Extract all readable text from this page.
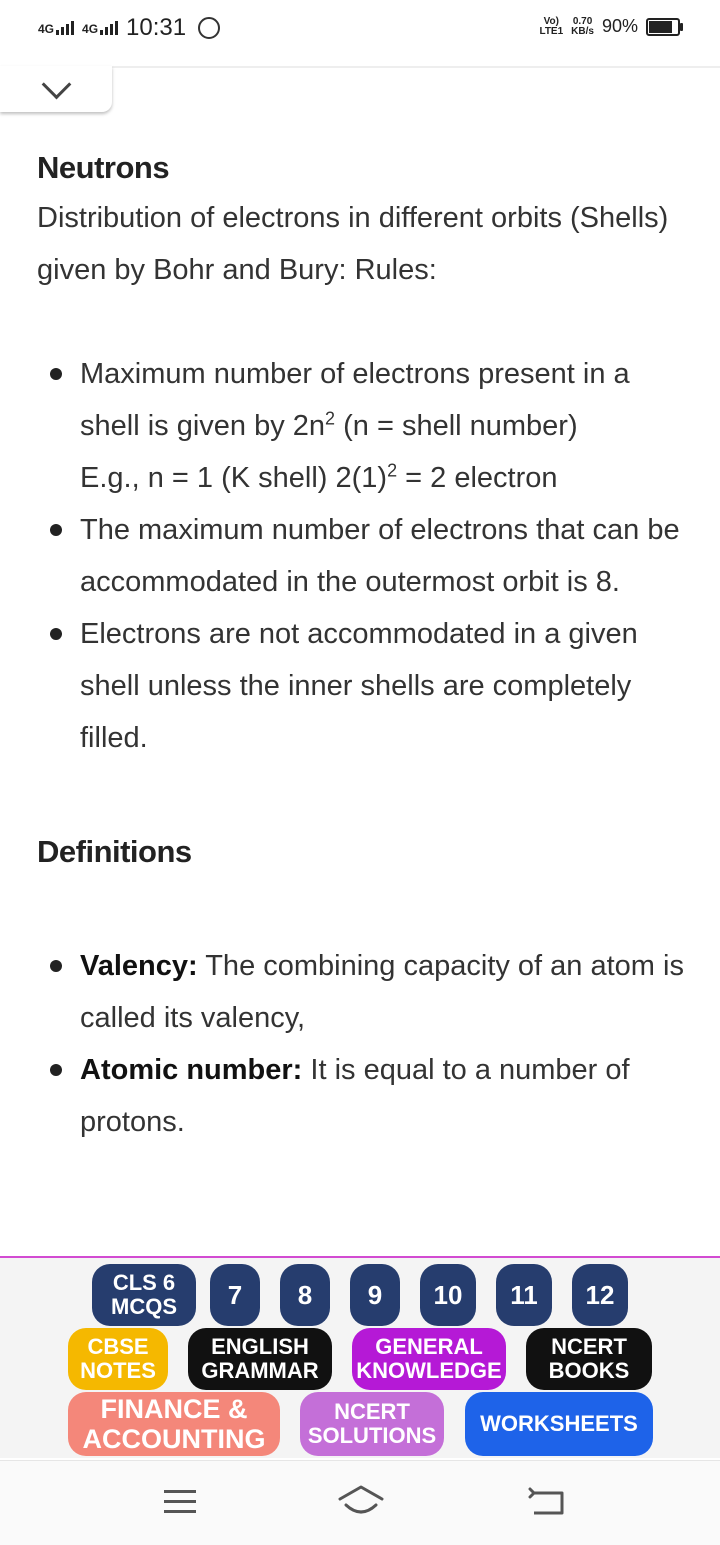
4G 4G 10:31	Vo)
LTE1
0.70
KB/s 90%
Neutrons

Distribution of electrons in different orbits (Shells) given by Bohr and Bury: Rules:

Maximum number of electrons present in a shell is given by $2n^2$ (n = shell number)
E.g., n = 1 (K shell) $2(1)^2 = 2$ electron
The maximum number of electrons that can be accommodated in the outermost orbit is 8.
Electrons are not accommodated in a given shell unless the inner shells are completely filled.
Definitions
Valency: The combining capacity of an atom is called its valency,
Atomic number: It is equal to a number of protons.
CLS 6 MCQS	7 8 9 10 11 12
CBSE NOTES
ENGLISH GRAMMAR
GENERAL KNOWLEDGE
NCERT BOOKS
FINANCE & ACCOUNTING
NCERT SOLUTIONS	WORKSHEETS
